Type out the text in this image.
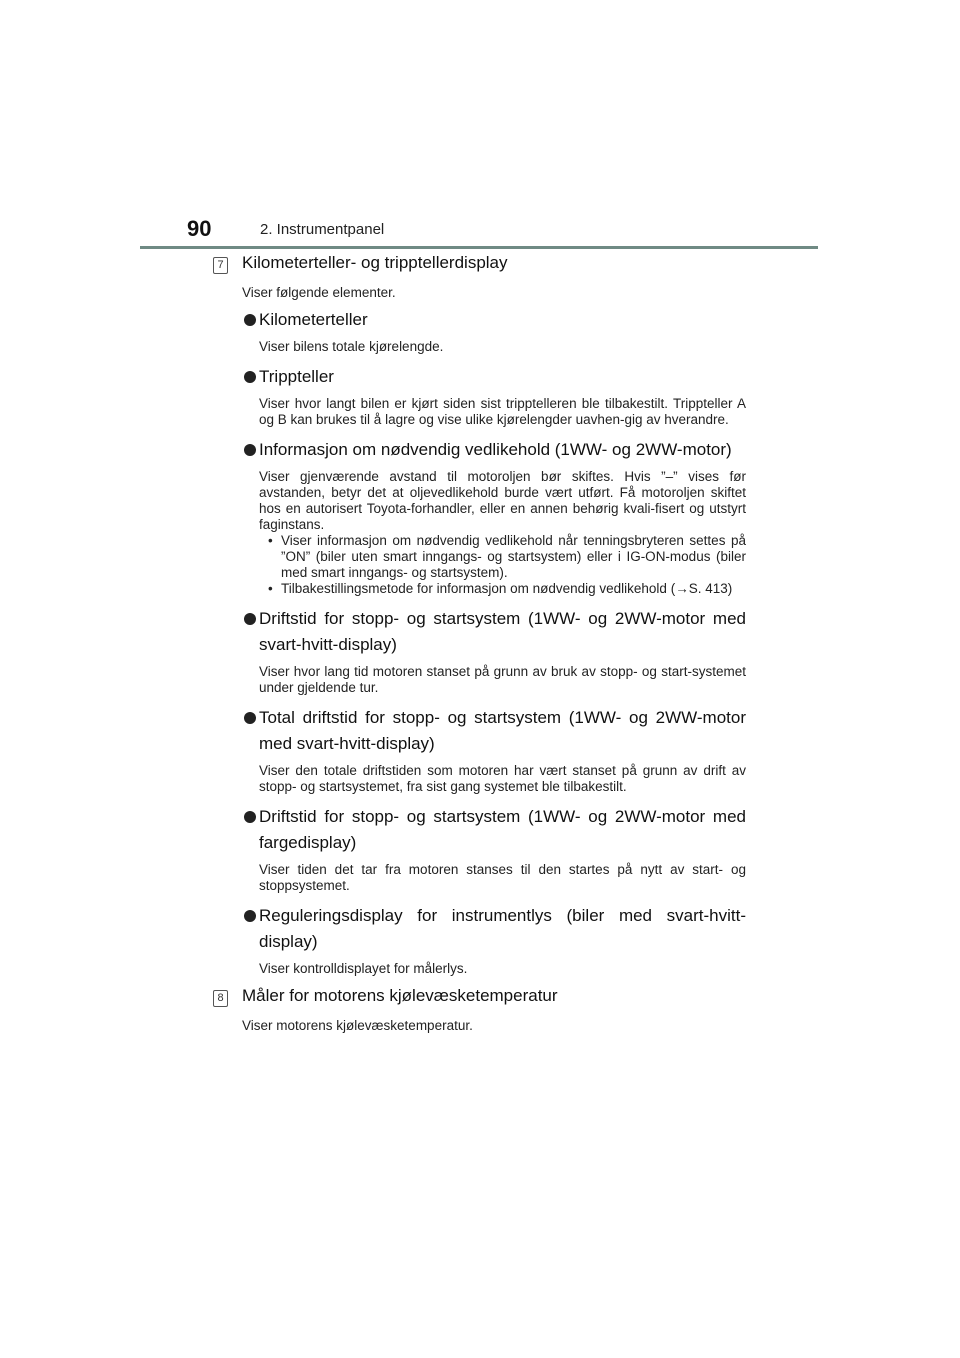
90	2. Instrumentpanel
7 Kilometerteller- og tripptellerdisplay
Viser følgende elementer.
Kilometerteller
Viser bilens totale kjørelengde.
Trippteller
Viser hvor langt bilen er kjørt siden sist tripptelleren ble tilbakestilt. Trippteller A og B kan brukes til å lagre og vise ulike kjørelengder uavhen-gig av hverandre.
Informasjon om nødvendig vedlikehold (1WW- og 2WW-motor)
Viser gjenværende avstand til motoroljen bør skiftes. Hvis ”–” vises før avstanden, betyr det at oljevedlikehold burde vært utført. Få motoroljen skiftet hos en autorisert Toyota-forhandler, eller en annen behørig kvali-fisert og utstyrt faginstans.
• Viser informasjon om nødvendig vedlikehold når tenningsbryteren settes på ”ON” (biler uten smart inngangs- og startsystem) eller i IG-ON-modus (biler med smart inngangs- og startsystem).
• Tilbakestillingsmetode for informasjon om nødvendig vedlikehold (→S. 413)
Driftstid for stopp- og startsystem (1WW- og 2WW-motor med svart-hvitt-display)
Viser hvor lang tid motoren stanset på grunn av bruk av stopp- og start-systemet under gjeldende tur.
Total driftstid for stopp- og startsystem (1WW- og 2WW-motor med svart-hvitt-display)
Viser den totale driftstiden som motoren har vært stanset på grunn av drift av stopp- og startsystemet, fra sist gang systemet ble tilbakestilt.
Driftstid for stopp- og startsystem (1WW- og 2WW-motor med fargedisplay)
Viser tiden det tar fra motoren stanses til den startes på nytt av start- og stoppsystemet.
Reguleringsdisplay for instrumentlys (biler med svart-hvitt-display)
Viser kontrolldisplayet for målerlys.
8 Måler for motorens kjølevæsketemperatur
Viser motorens kjølevæsketemperatur.
